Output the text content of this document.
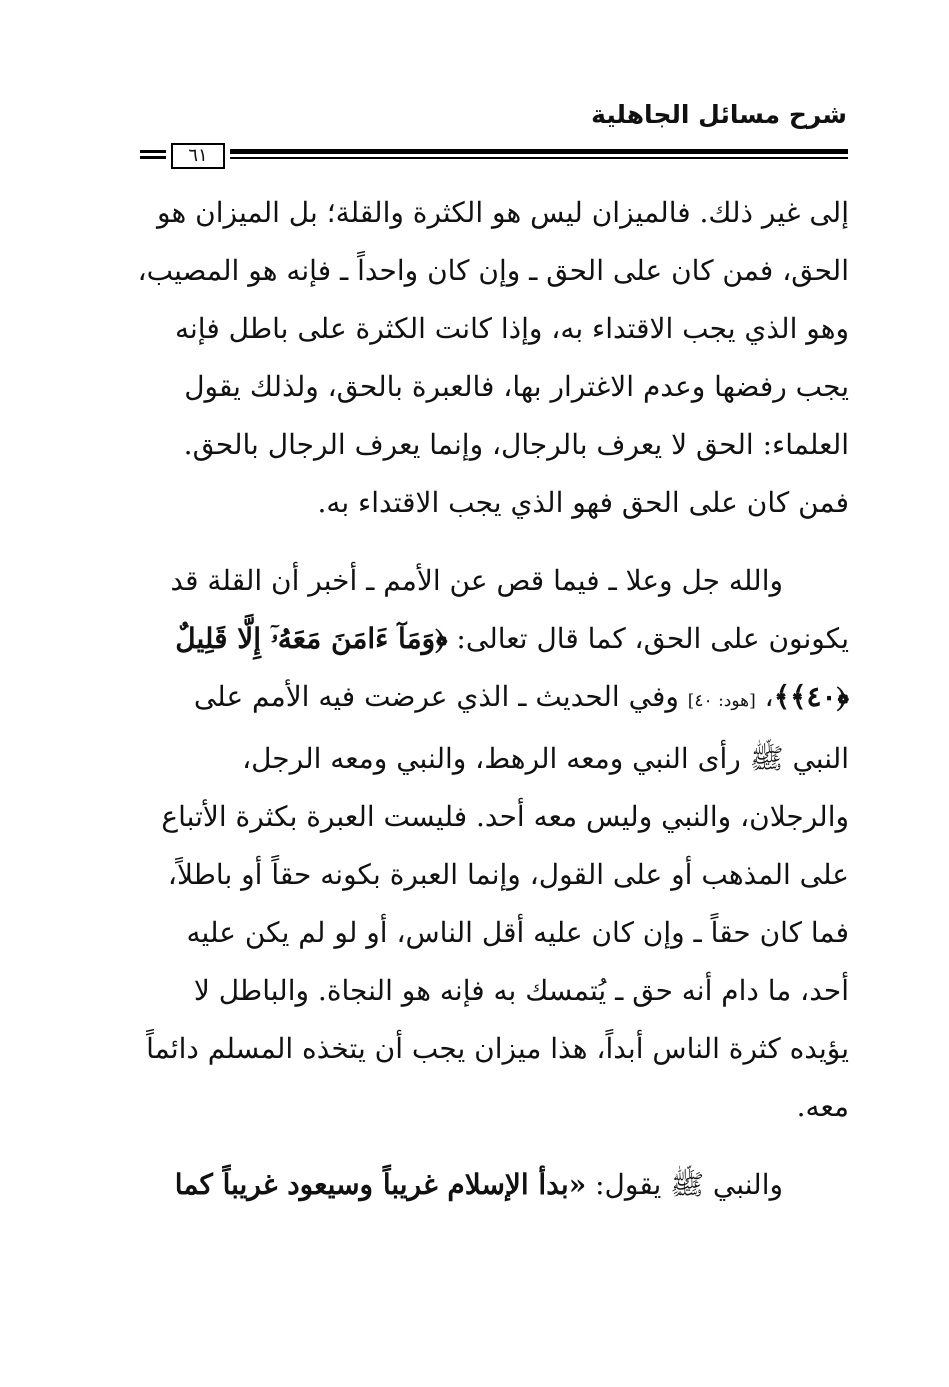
شرح مسائل الجاهلية
٦١

إلى غير ذلك. فالميزان ليس هو الكثرة والقلة؛ بل الميزان هو الحق، فمن كان على الحق ـ وإن كان واحداً ـ فإنه هو المصيب، وهو الذي يجب الاقتداء به، وإذا كانت الكثرة على باطل فإنه يجب رفضها وعدم الاغترار بها، فالعبرة بالحق، ولذلك يقول العلماء: الحق لا يعرف بالرجال، وإنما يعرف الرجال بالحق. فمن كان على الحق فهو الذي يجب الاقتداء به.

والله جل وعلا ـ فيما قص عن الأمم ـ أخبر أن القلة قد يكونون على الحق، كما قال تعالى: ﴿وَمَآ ءَامَنَ مَعَهُۥٓ إِلَّا قَلِيلٌ ﴿٤٠﴾﴾، [هود: ٤٠] وفي الحديث ـ الذي عرضت فيه الأمم على النبي ﷺ رأى النبي ومعه الرهط، والنبي ومعه الرجل، والرجلان، والنبي وليس معه أحد. فليست العبرة بكثرة الأتباع على المذهب أو على القول، وإنما العبرة بكونه حقاً أو باطلاً، فما كان حقاً ـ وإن كان عليه أقل الناس، أو لو لم يكن عليه أحد، ما دام أنه حق ـ يُتمسك به فإنه هو النجاة. والباطل لا يؤيده كثرة الناس أبداً، هذا ميزان يجب أن يتخذه المسلم دائماً معه.

والنبي ﷺ يقول: «بدأ الإسلام غريباً وسيعود غريباً كما
